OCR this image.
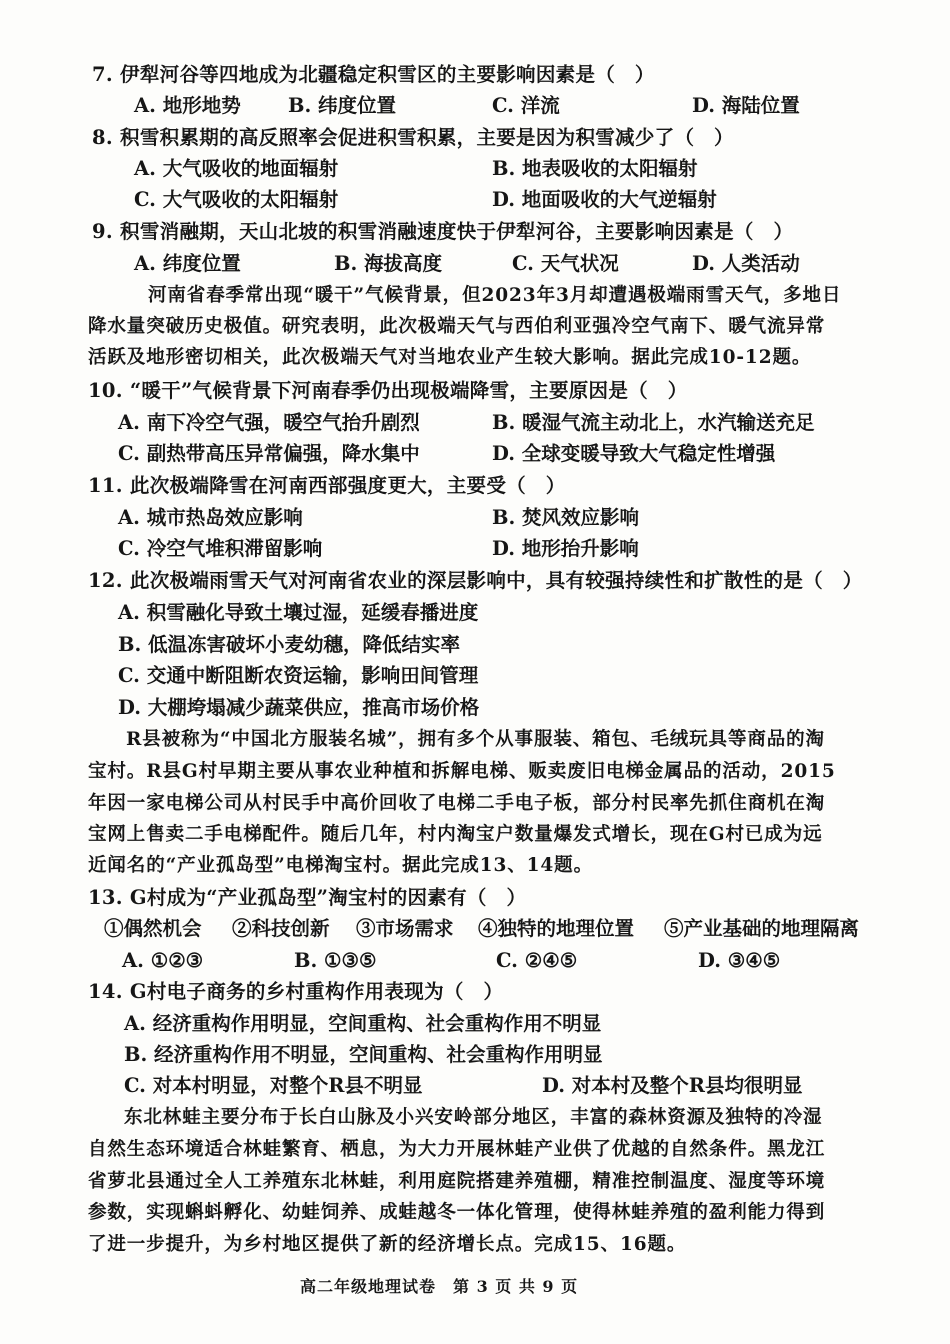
7. 伊犁河谷等四地成为北疆稳定积雪区的主要影响因素是（　）
A. 地形地势 B. 纬度位置	C. 洋流	D. 海陆位置
8. 积雪积累期的高反照率会促进积雪积累，主要是因为积雪减少了（　）
A. 大气吸收的地面辐射	B. 地表吸收的太阳辐射
C. 大气吸收的太阳辐射	D. 地面吸收的大气逆辐射
9. 积雪消融期，天山北坡的积雪消融速度快于伊犁河谷，主要影响因素是（　）
A. 纬度位置	B. 海拔高度	C. 天气状况	D. 人类活动
河南省春季常出现“暖干”气候背景，但2023年3月却遭遇极端雨雪天气，多地日
降水量突破历史极值。研究表明，此次极端天气与西伯利亚强冷空气南下、暖气流异常
活跃及地形密切相关，此次极端天气对当地农业产生较大影响。据此完成10-12题。
10. “暖干”气候背景下河南春季仍出现极端降雪，主要原因是（　）
A. 南下冷空气强，暖空气抬升剧烈	B. 暖湿气流主动北上，水汽输送充足
C. 副热带高压异常偏强，降水集中	D. 全球变暖导致大气稳定性增强
11. 此次极端降雪在河南西部强度更大，主要受（　）
A. 城市热岛效应影响	B. 焚风效应影响
C. 冷空气堆积滞留影响	D. 地形抬升影响
12. 此次极端雨雪天气对河南省农业的深层影响中，具有较强持续性和扩散性的是（　）
A. 积雪融化导致土壤过湿，延缓春播进度
B. 低温冻害破坏小麦幼穗，降低结实率
C. 交通中断阻断农资运输，影响田间管理
D. 大棚垮塌减少蔬菜供应，推高市场价格
R县被称为“中国北方服装名城”，拥有多个从事服装、箱包、毛绒玩具等商品的淘
宝村。R县G村早期主要从事农业种植和拆解电梯、贩卖废旧电梯金属品的活动，2015
年因一家电梯公司从村民手中高价回收了电梯二手电子板，部分村民率先抓住商机在淘
宝网上售卖二手电梯配件。随后几年，村内淘宝户数量爆发式增长，现在G村已成为远
近闻名的“产业孤岛型”电梯淘宝村。据此完成13、14题。
13. G村成为“产业孤岛型”淘宝村的因素有（　）
①偶然机会 ②科技创新 ③市场需求 ④独特的地理位置 ⑤产业基础的地理隔离
A. ①②③	B. ①③⑤	C. ②④⑤	D. ③④⑤
14. G村电子商务的乡村重构作用表现为（　）
A. 经济重构作用明显，空间重构、社会重构作用不明显
B. 经济重构作用不明显，空间重构、社会重构作用明显
C. 对本村明显，对整个R县不明显	D. 对本村及整个R县均很明显
东北林蛙主要分布于长白山脉及小兴安岭部分地区，丰富的森林资源及独特的冷湿
自然生态环境适合林蛙繁育、栖息，为大力开展林蛙产业供了优越的自然条件。黑龙江
省萝北县通过全人工养殖东北林蛙，利用庭院搭建养殖棚，精准控制温度、湿度等环境
参数，实现蝌蚪孵化、幼蛙饲养、成蛙越冬一体化管理，使得林蛙养殖的盈利能力得到
了进一步提升，为乡村地区提供了新的经济增长点。完成15、16题。
高二年级地理试卷　第 3 页 共 9 页
